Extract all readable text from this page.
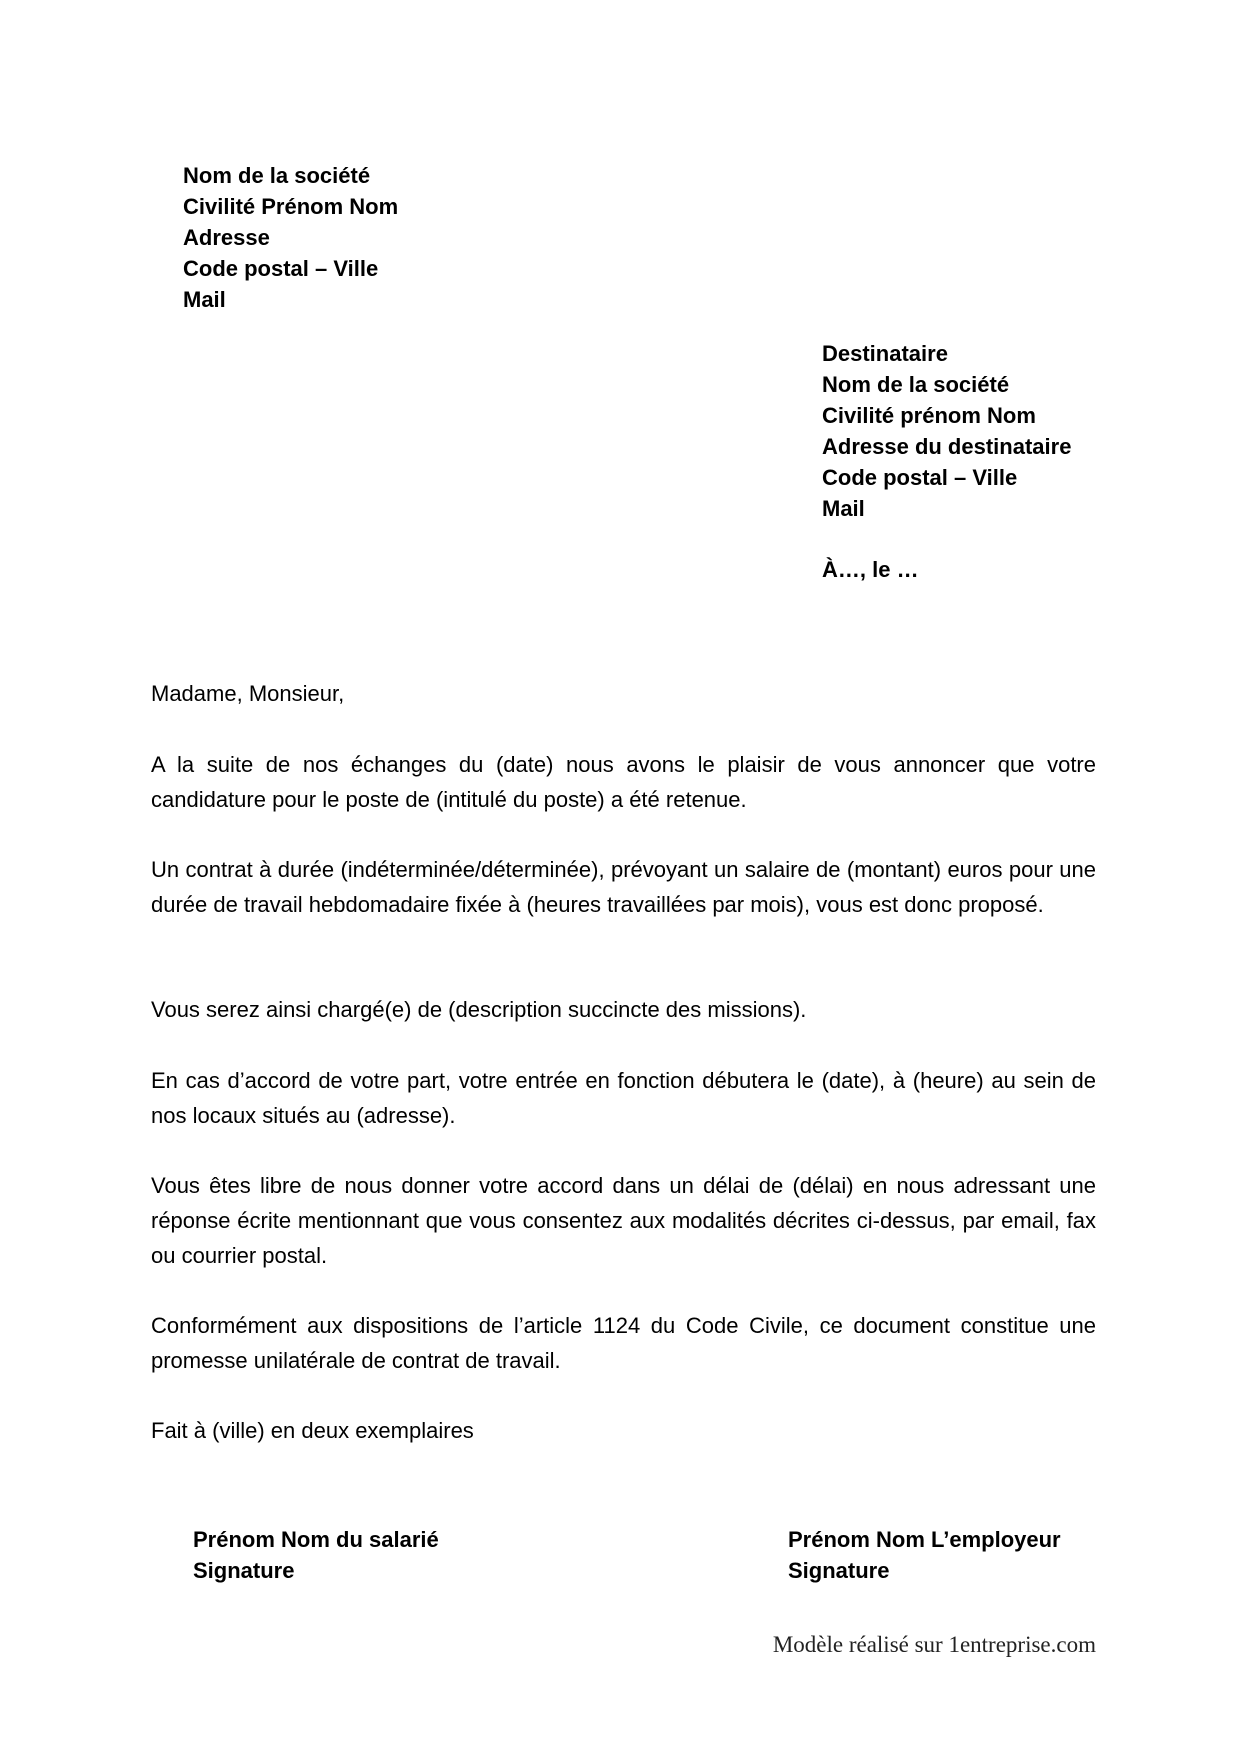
Nom de la société
Civilité Prénom Nom
Adresse
Code postal – Ville
Mail
Destinataire
Nom de la société
Civilité prénom Nom
Adresse du destinataire
Code postal – Ville
Mail
À…, le …
Madame, Monsieur,
A la suite de nos échanges du (date) nous avons le plaisir de vous annoncer que votre candidature pour le poste de (intitulé du poste) a été retenue.
Un contrat à durée (indéterminée/déterminée), prévoyant un salaire de (montant) euros pour une durée de travail hebdomadaire fixée à (heures travaillées par mois), vous est donc proposé.
Vous serez ainsi chargé(e) de (description succincte des missions).
En cas d’accord de votre part, votre entrée en fonction débutera le (date), à (heure) au sein de nos locaux situés au (adresse).
Vous êtes libre de nous donner votre accord dans un délai de (délai) en nous adressant une réponse écrite mentionnant que vous consentez aux modalités décrites ci-dessus, par email, fax ou courrier postal.
Conformément aux dispositions de l’article 1124 du Code Civile, ce document constitue une promesse unilatérale de contrat de travail.
Fait à (ville) en deux exemplaires
Prénom Nom du salarié
Signature
Prénom Nom L’employeur
Signature
Modèle réalisé sur 1entreprise.com
